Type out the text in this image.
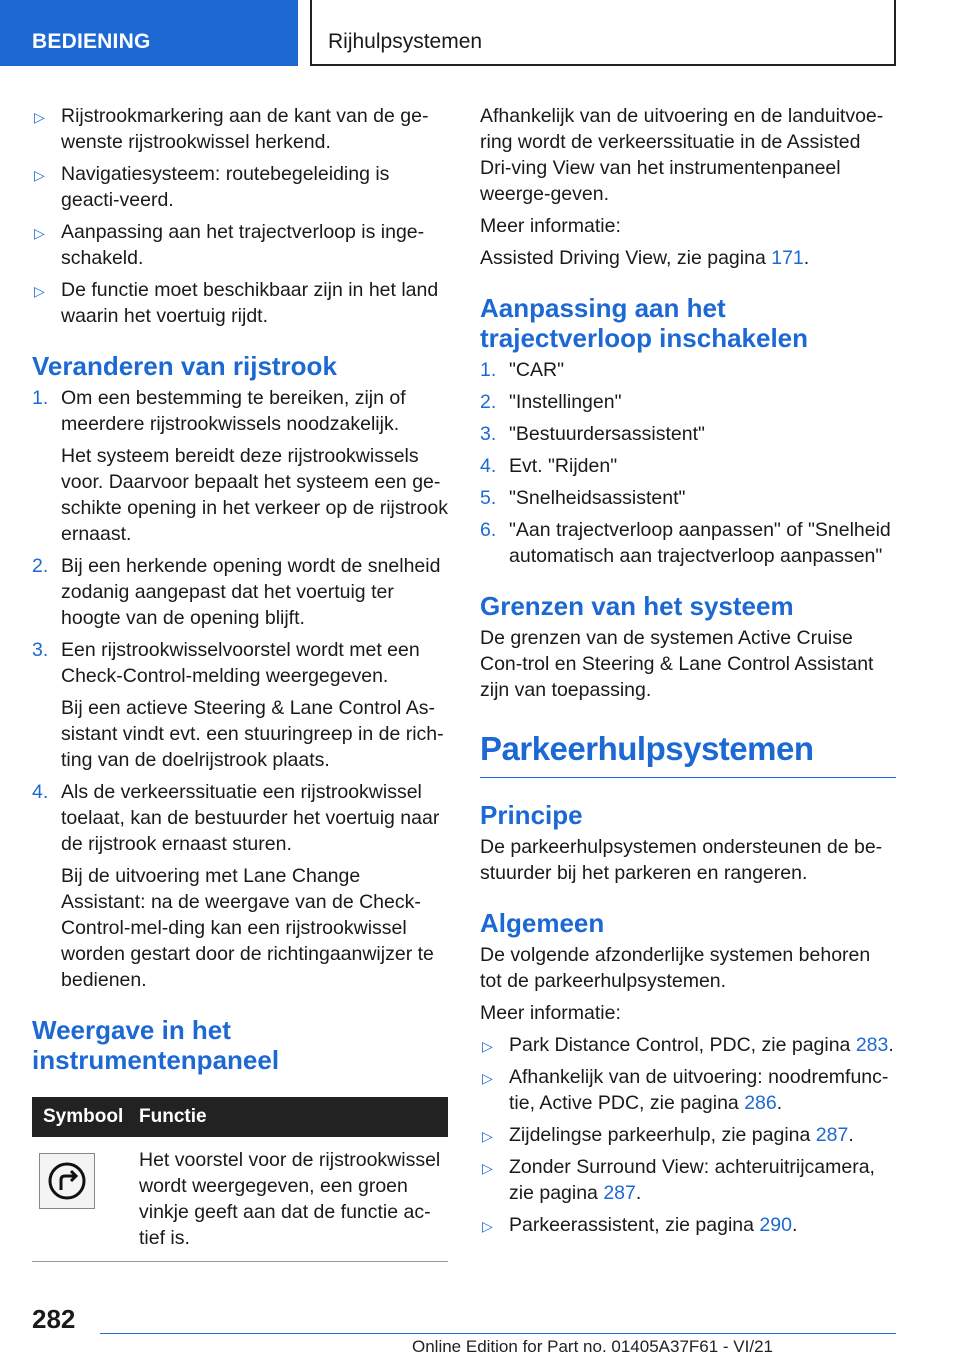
BEDIENING	Rijhulpsystemen
▷ Rijstrookmarkering aan de kant van de ge-wenste rijstrookwissel herkend.
▷ Navigatiesysteem: routebegeleiding is geacti-veerd.
▷ Aanpassing aan het trajectverloop is inge-schakeld.
▷ De functie moet beschikbaar zijn in het land waarin het voertuig rijdt.
Veranderen van rijstrook
1. Om een bestemming te bereiken, zijn of meerdere rijstrookwissels noodzakelijk.

Het systeem bereidt deze rijstrookwissels voor. Daarvoor bepaalt het systeem een ge-schikte opening in het verkeer op de rijstrook ernaast.

2. Bij een herkende opening wordt de snelheid zodanig aangepast dat het voertuig ter hoogte van de opening blijft.

3. Een rijstrookwisselvoorstel wordt met een Check-Control-melding weergegeven.

Bij een actieve Steering & Lane Control As-sistant vindt evt. een stuuringreep in de rich-ting van de doelrijstrook plaats.

4. Als de verkeerssituatie een rijstrookwissel toelaat, kan de bestuurder het voertuig naar de rijstrook ernaast sturen.

Bij de uitvoering met Lane Change Assistant: na de weergave van de Check-Control-mel-ding kan een rijstrookwissel worden gestart door de richtingaanwijzer te bedienen.

Weergave in het instrumentenpaneel
Symbool Functie
Het voorstel voor de rijstrookwissel wordt weergegeven, een groen vinkje geeft aan dat de functie ac-tief is.

Afhankelijk van de uitvoering en de landuitvoe-ring wordt de verkeerssituatie in de Assisted Dri-ving View van het instrumentenpaneel weerge-geven.

Meer informatie:

Assisted Driving View, zie pagina 171.

Aanpassing aan het trajectverloop inschakelen
1. "CAR"
2. "Instellingen"
3. "Bestuurdersassistent"
4. Evt. "Rijden"
5. "Snelheidsassistent"
6. "Aan trajectverloop aanpassen" of "Snelheid automatisch aan trajectverloop aanpassen"
Grenzen van het systeem

De grenzen van de systemen Active Cruise Con-trol en Steering & Lane Control Assistant zijn van toepassing.

Parkeerhulpsystemen
Principe

De parkeerhulpsystemen ondersteunen de be-stuurder bij het parkeren en rangeren.

Algemeen

De volgende afzonderlijke systemen behoren tot de parkeerhulpsystemen.

Meer informatie:

▷ Park Distance Control, PDC, zie pagina 283.
▷ Afhankelijk van de uitvoering: noodremfunc-tie, Active PDC, zie pagina 286.
▷ Zijdelingse parkeerhulp, zie pagina 287.
▷ Zonder Surround View: achteruitrijcamera, zie pagina 287.
▷ Parkeerassistent, zie pagina 290.
282
Online Edition for Part no. 01405A37F61 - VI/21
